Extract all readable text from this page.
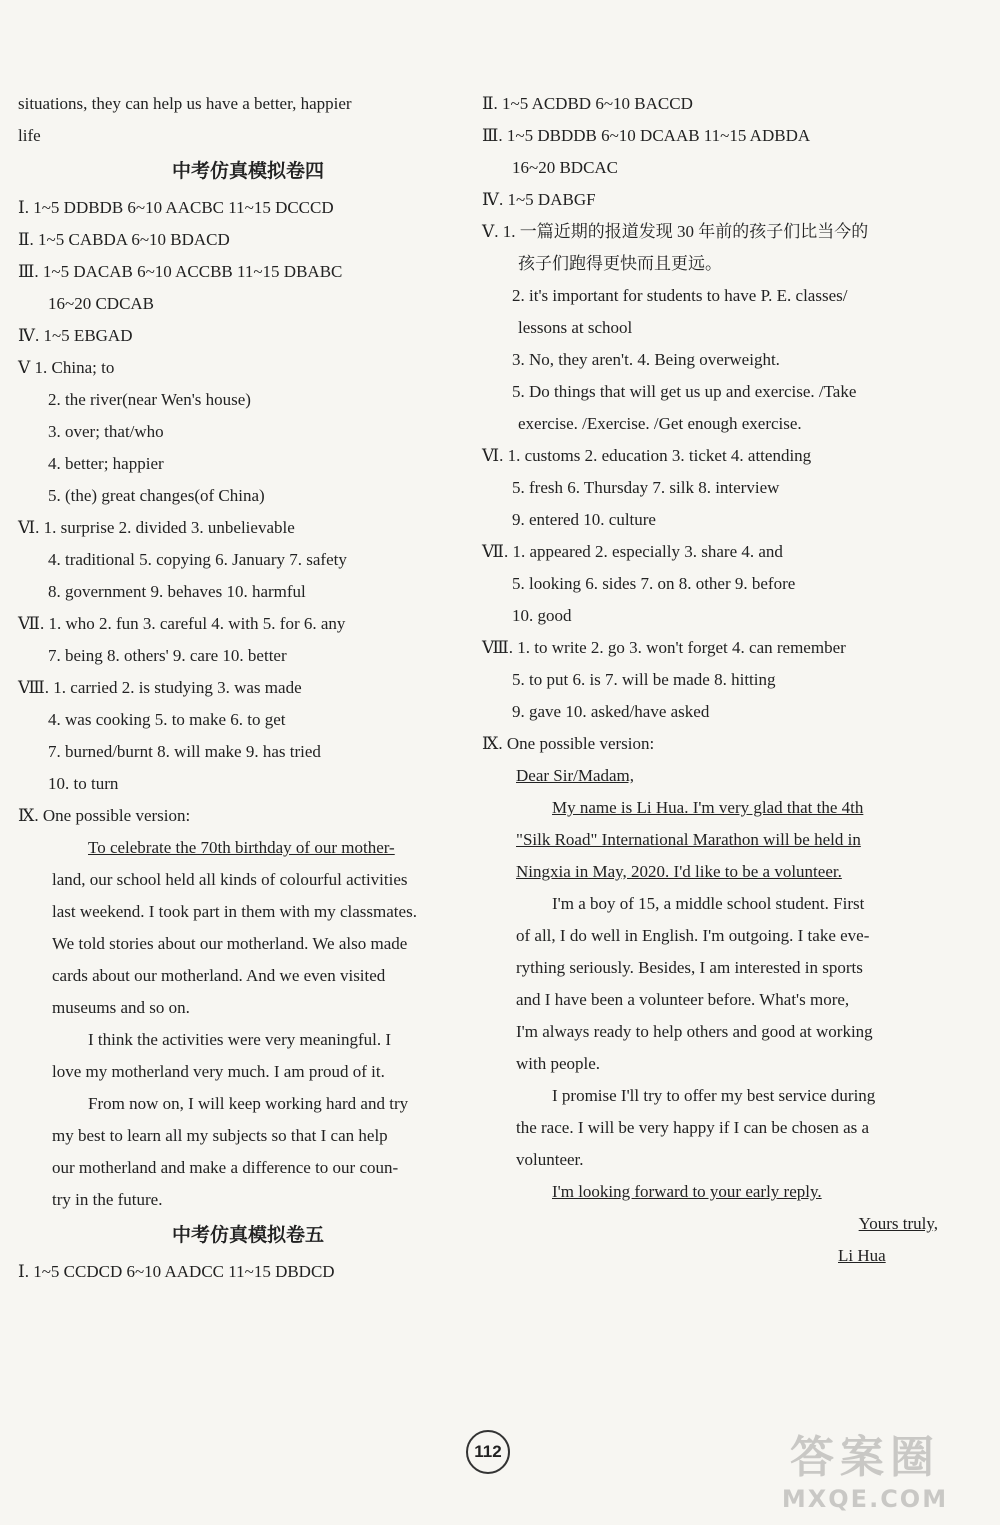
situations, they can help us have a better, happier
life
中考仿真模拟卷四
Ⅰ. 1~5 DDBDB 6~10 AACBC 11~15 DCCCD
Ⅱ. 1~5 CABDA 6~10 BDACD
Ⅲ. 1~5 DACAB 6~10 ACCBB 11~15 DBABC
16~20 CDCAB
Ⅳ. 1~5 EBGAD
Ⅴ 1. China; to
2. the river(near Wen's house)
3. over; that/who
4. better; happier
5. (the) great changes(of China)
Ⅵ. 1. surprise 2. divided 3. unbelievable
4. traditional 5. copying 6. January 7. safety
8. government 9. behaves 10. harmful
Ⅶ. 1. who 2. fun 3. careful 4. with 5. for 6. any
7. being 8. others' 9. care 10. better
Ⅷ. 1. carried 2. is studying 3. was made
4. was cooking 5. to make 6. to get
7. burned/burnt 8. will make 9. has tried
10. to turn
Ⅸ. One possible version:
To celebrate the 70th birthday of our mother-
land, our school held all kinds of colourful activities
last weekend. I took part in them with my classmates.
We told stories about our motherland. We also made
cards about our motherland. And we even visited
museums and so on.
I think the activities were very meaningful. I
love my motherland very much. I am proud of it.
From now on, I will keep working hard and try
my best to learn all my subjects so that I can help
our motherland and make a difference to our coun-
try in the future.
中考仿真模拟卷五
Ⅰ. 1~5 CCDCD 6~10 AADCC 11~15 DBDCD
Ⅱ. 1~5 ACDBD 6~10 BACCD
Ⅲ. 1~5 DBDDB 6~10 DCAAB 11~15 ADBDA
16~20 BDCAC
Ⅳ. 1~5 DABGF
Ⅴ. 1. 一篇近期的报道发现 30 年前的孩子们比当今的
孩子们跑得更快而且更远。
2. it's important for students to have P. E. classes/
lessons at school
3. No, they aren't. 4. Being overweight.
5. Do things that will get us up and exercise. /Take
exercise. /Exercise. /Get enough exercise.
Ⅵ. 1. customs 2. education 3. ticket 4. attending
5. fresh 6. Thursday 7. silk 8. interview
9. entered 10. culture
Ⅶ. 1. appeared 2. especially 3. share 4. and
5. looking 6. sides 7. on 8. other 9. before
10. good
Ⅷ. 1. to write 2. go 3. won't forget 4. can remember
5. to put 6. is 7. will be made 8. hitting
9. gave 10. asked/have asked
Ⅸ. One possible version:
Dear Sir/Madam,
My name is Li Hua. I'm very glad that the 4th
"Silk Road" International Marathon will be held in
Ningxia in May, 2020. I'd like to be a volunteer.
I'm a boy of 15, a middle school student. First
of all, I do well in English. I'm outgoing. I take eve-
rything seriously. Besides, I am interested in sports
and I have been a volunteer before. What's more,
I'm always ready to help others and good at working
with people.
I promise I'll try to offer my best service during
the race. I will be very happy if I can be chosen as a
volunteer.
I'm looking forward to your early reply.
Yours truly,
Li Hua
112	答案圈
MXQE.COM
